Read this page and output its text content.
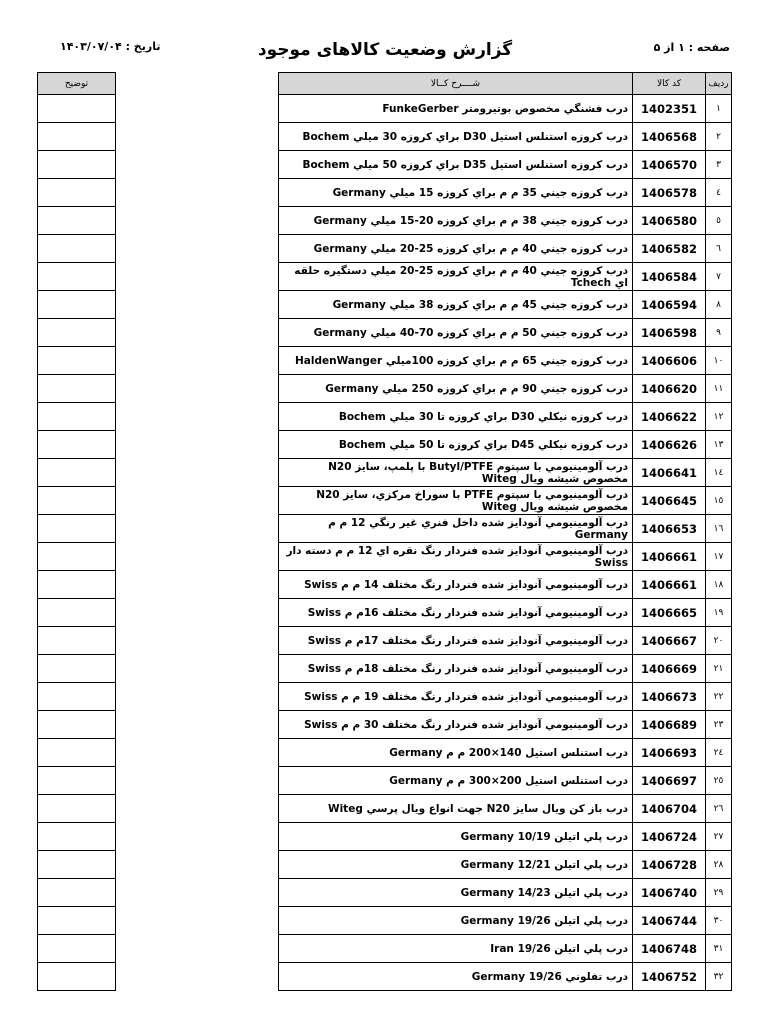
صفحه : ۱ از ۵
گزارش وضعیت کالاهای موجود
تاریخ : ۱۴۰۳/۰۷/۰۴
شــــرح کــالا	کد کالا	ردیف
درب فشنگي مخصوص بوتيرومتر FunkeGerber	1402351	۱
درب کروزه استنلس استيل D30 براي کروزه 30 ميلي Bochem	1406568	۲
درب کروزه استنلس استيل D35 براي کروزه 50 ميلي Bochem	1406570	۳
درب کروزه جيني 35 م م براي کروزه 15 ميلي Germany	1406578	٤
درب کروزه جيني 38 م م براي کروزه 20-15 ميلي Germany	1406580	٥
درب کروزه جيني 40 م م براي کروزه 25-20 ميلي Germany	1406582	٦
درب کروزه جيني 40 م م براي کروزه 25-20 ميلي دستگيره حلقه اي Tchech	1406584	۷
درب کروزه جيني 45 م م براي کروزه 38 ميلي Germany	1406594	۸
درب کروزه جيني 50 م م براي کروزه 70-40 ميلي Germany	1406598	۹
درب کروزه جيني 65 م م براي کروزه 100ميلي HaldenWanger	1406606	۱۰
درب کروزه جيني 90 م م براي کروزه 250 ميلي Germany	1406620	۱۱
درب کروزه نيکلي D30 براي کروزه تا 30 ميلي Bochem	1406622	۱۲
درب کروزه نيکلي D45 براي کروزه تا 50 ميلي Bochem	1406626	۱۳
درب آلومينيومي با سپتوم Butyl/PTFE با پلمپ، سايز N20 مخصوص شيشه ويال Witeg	1406641	۱٤
درب آلومينيومي با سپتوم PTFE با سوراخ مرکزي، سايز N20 مخصوص شيشه ويال Witeg	1406645	۱٥
درب آلومينيومي آنودايز شده داخل فنري غير رنگي 12 م م Germany	1406653	۱٦
درب آلومينيومي آنودايز شده فنردار رنگ نقره اي 12 م م دسته دار Swiss	1406661	۱۷
درب آلومينيومي آنودايز شده فنردار رنگ مختلف 14 م م Swiss	1406661	۱۸
درب آلومينيومي آنودايز شده فنردار رنگ مختلف 16م م Swiss	1406665	۱۹
درب آلومينيومي آنودايز شده فنردار رنگ مختلف 17م م Swiss	1406667	۲۰
درب آلومينيومي آنودايز شده فنردار رنگ مختلف 18م م Swiss	1406669	۲۱
درب آلومينيومي آنودايز شده فنردار رنگ مختلف 19 م م Swiss	1406673	۲۲
درب آلومينيومي آنودايز شده فنردار رنگ مختلف 30 م م Swiss	1406689	۲۳
درب استنلس استيل 140×200 م م Germany	1406693	۲٤
درب استنلس استيل 200×300 م م Germany	1406697	۲٥
درب باز کن ويال سايز N20 جهت انواع ويال پرسي Witeg	1406704	۲٦
درب پلي اتيلن 10/19 Germany	1406724	۲۷
درب پلي اتيلن 12/21 Germany	1406728	۲۸
درب پلي اتيلن 14/23 Germany	1406740	۲۹
درب پلي اتيلن 19/26 Germany	1406744	۳۰
درب پلي اتيلن 19/26 Iran	1406748	۳۱
درب تفلوني 19/26 Germany	1406752	۳۲
توضیح
